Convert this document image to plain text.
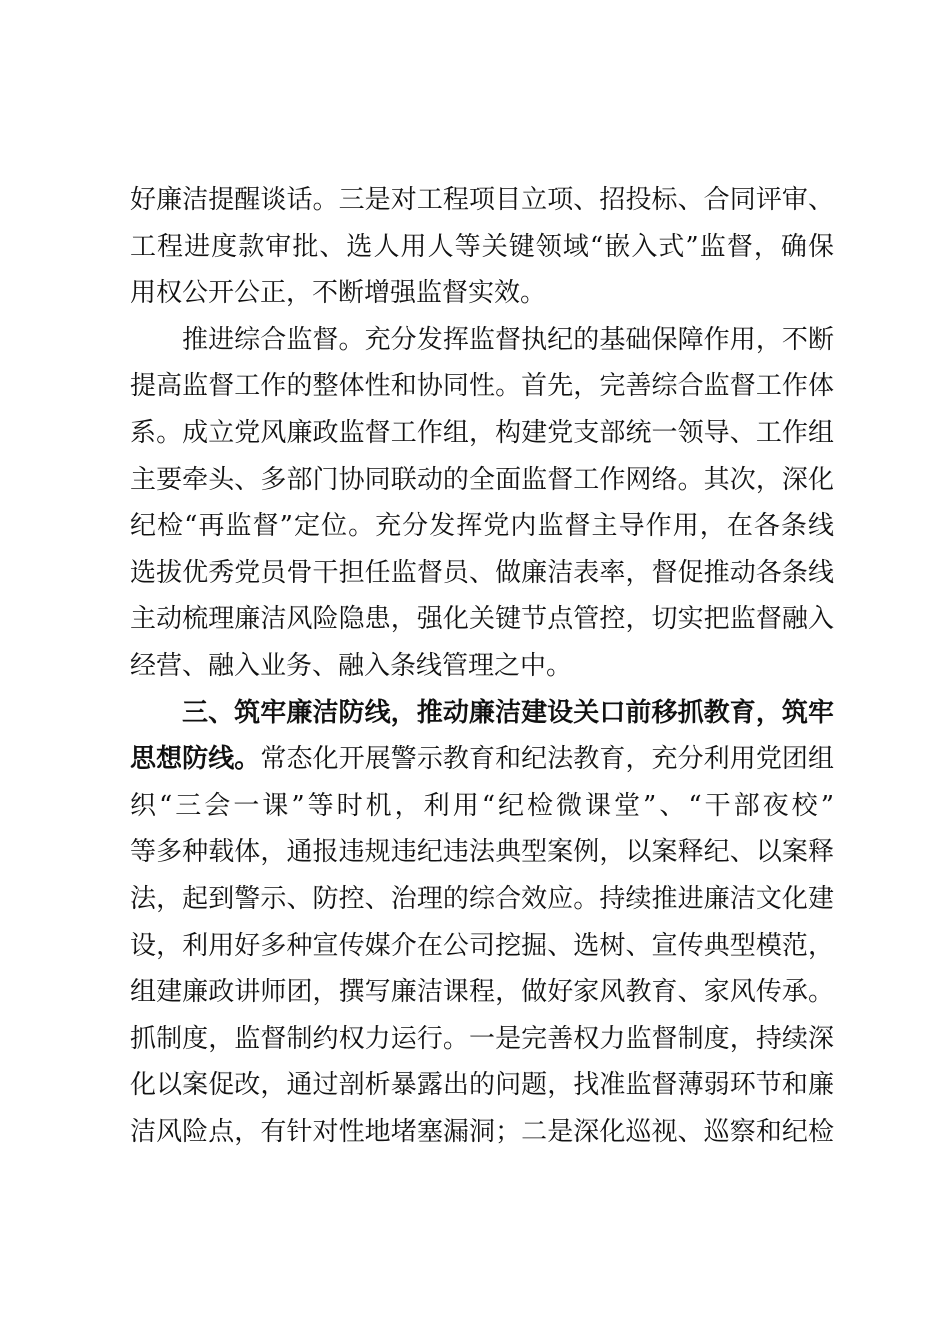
好廉洁提醒谈话。三是对工程项目立项、招投标、合同评审、
工程进度款审批、选人用人等关键领域“嵌入式”监督，确保
用权公开公正，不断增强监督实效。
推进综合监督。充分发挥监督执纪的基础保障作用，不断
提高监督工作的整体性和协同性。首先，完善综合监督工作体
系。成立党风廉政监督工作组，构建党支部统一领导、工作组
主要牵头、多部门协同联动的全面监督工作网络。其次，深化
纪检“再监督”定位。充分发挥党内监督主导作用，在各条线
选拔优秀党员骨干担任监督员、做廉洁表率，督促推动各条线
主动梳理廉洁风险隐患，强化关键节点管控，切实把监督融入
经营、融入业务、融入条线管理之中。
三、筑牢廉洁防线，推动廉洁建设关口前移抓教育，筑牢
思想防线。常态化开展警示教育和纪法教育，充分利用党团组
织“三会一课”等时机，利用“纪检微课堂”、“干部夜校”
等多种载体，通报违规违纪违法典型案例，以案释纪、以案释
法，起到警示、防控、治理的综合效应。持续推进廉洁文化建
设，利用好多种宣传媒介在公司挖掘、选树、宣传典型模范，
组建廉政讲师团，撰写廉洁课程，做好家风教育、家风传承。
抓制度，监督制约权力运行。一是完善权力监督制度，持续深
化以案促改，通过剖析暴露出的问题，找准监督薄弱环节和廉
洁风险点，有针对性地堵塞漏洞；二是深化巡视、巡察和纪检
